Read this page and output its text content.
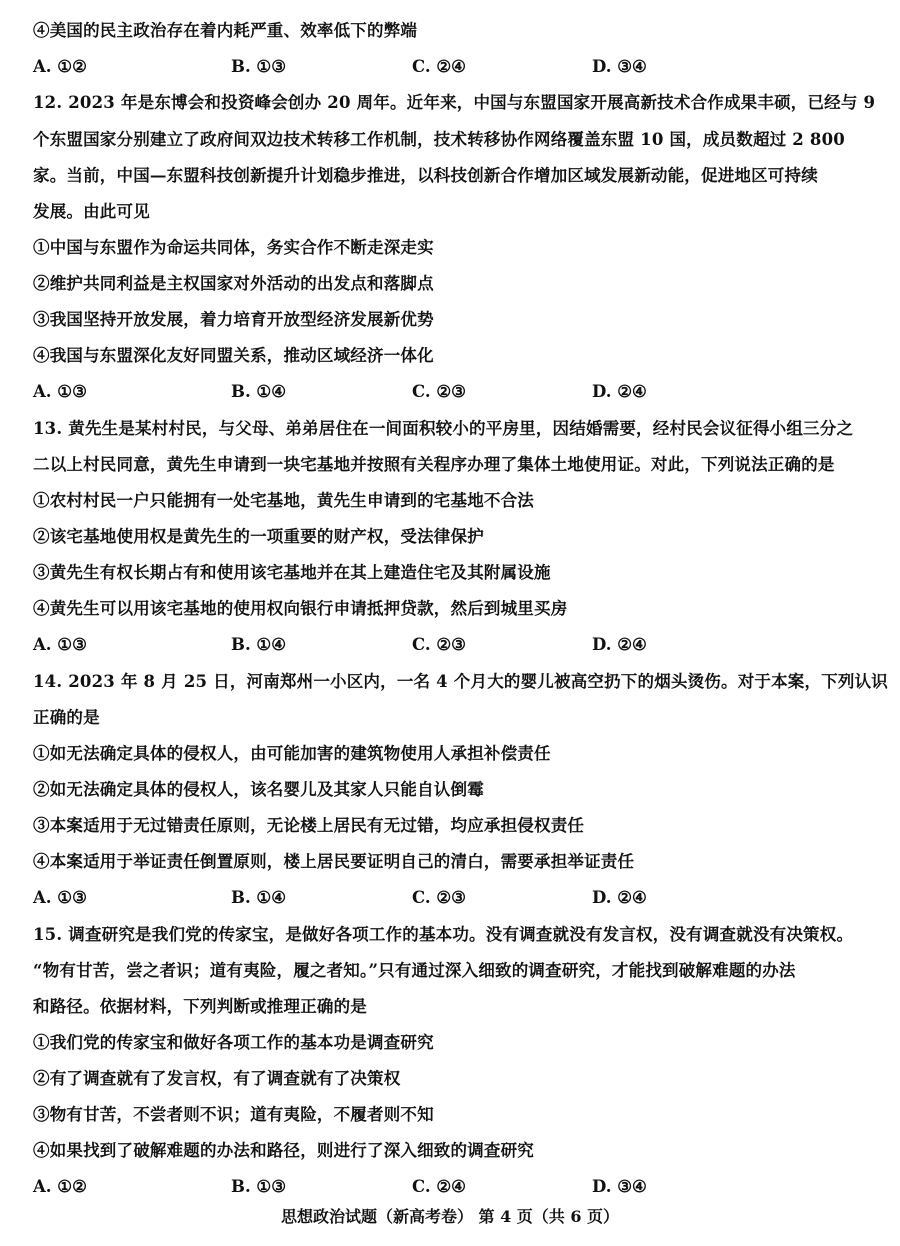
④美国的民主政治存在着内耗严重、效率低下的弊端
A. ①②	B. ①③	C. ②④	D. ③④
12. 2023 年是东博会和投资峰会创办 20 周年。近年来，中国与东盟国家开展高新技术合作成果丰硕，已经与 9
个东盟国家分别建立了政府间双边技术转移工作机制，技术转移协作网络覆盖东盟 10 国，成员数超过 2 800
家。当前，中国—东盟科技创新提升计划稳步推进，以科技创新合作增加区域发展新动能，促进地区可持续
发展。由此可见
①中国与东盟作为命运共同体，务实合作不断走深走实
②维护共同利益是主权国家对外活动的出发点和落脚点
③我国坚持开放发展，着力培育开放型经济发展新优势
④我国与东盟深化友好同盟关系，推动区域经济一体化
A. ①③	B. ①④	C. ②③	D. ②④
13. 黄先生是某村村民，与父母、弟弟居住在一间面积较小的平房里，因结婚需要，经村民会议征得小组三分之
二以上村民同意，黄先生申请到一块宅基地并按照有关程序办理了集体土地使用证。对此，下列说法正确的是
①农村村民一户只能拥有一处宅基地，黄先生申请到的宅基地不合法
②该宅基地使用权是黄先生的一项重要的财产权，受法律保护
③黄先生有权长期占有和使用该宅基地并在其上建造住宅及其附属设施
④黄先生可以用该宅基地的使用权向银行申请抵押贷款，然后到城里买房
A. ①③	B. ①④	C. ②③	D. ②④
14. 2023 年 8 月 25 日，河南郑州一小区内，一名 4 个月大的婴儿被高空扔下的烟头烫伤。对于本案，下列认识
正确的是
①如无法确定具体的侵权人，由可能加害的建筑物使用人承担补偿责任
②如无法确定具体的侵权人，该名婴儿及其家人只能自认倒霉
③本案适用于无过错责任原则，无论楼上居民有无过错，均应承担侵权责任
④本案适用于举证责任倒置原则，楼上居民要证明自己的清白，需要承担举证责任
A. ①③	B. ①④	C. ②③	D. ②④
15. 调查研究是我们党的传家宝，是做好各项工作的基本功。没有调查就没有发言权，没有调查就没有决策权。
“物有甘苦，尝之者识；道有夷险，履之者知。”只有通过深入细致的调查研究，才能找到破解难题的办法
和路径。依据材料，下列判断或推理正确的是
①我们党的传家宝和做好各项工作的基本功是调查研究
②有了调查就有了发言权，有了调查就有了决策权
③物有甘苦，不尝者则不识；道有夷险，不履者则不知
④如果找到了破解难题的办法和路径，则进行了深入细致的调查研究
A. ①②	B. ①③	C. ②④	D. ③④
思想政治试题（新高考卷） 第 4 页（共 6 页）
